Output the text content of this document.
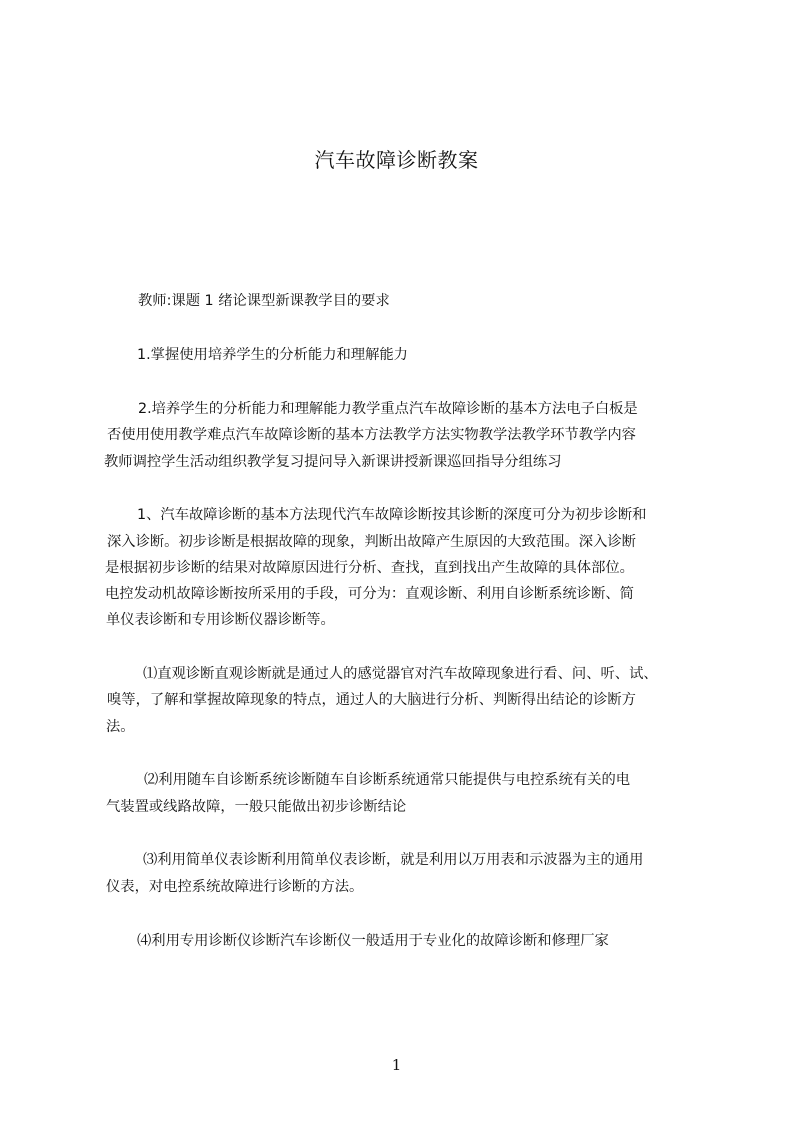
汽车故障诊断教案

教师:课题 1 绪论课型新课教学目的要求

1.掌握使用培养学生的分析能力和理解能力

2.培养学生的分析能力和理解能力教学重点汽车故障诊断的基本方法电子白板是

否使用使用教学难点汽车故障诊断的基本方法教学方法实物教学法教学环节教学内容

教师调控学生活动组织教学复习提问导入新课讲授新课巡回指导分组练习

1、汽车故障诊断的基本方法现代汽车故障诊断按其诊断的深度可分为初步诊断和

深入诊断。初步诊断是根据故障的现象，判断出故障产生原因的大致范围。深入诊断

是根据初步诊断的结果对故障原因进行分析、查找，直到找出产生故障的具体部位。

电控发动机故障诊断按所采用的手段，可分为：直观诊断、利用自诊断系统诊断、简

单仪表诊断和专用诊断仪器诊断等。

⑴直观诊断直观诊断就是通过人的感觉器官对汽车故障现象进行看、问、听、试、

嗅等，了解和掌握故障现象的特点，通过人的大脑进行分析、判断得出结论的诊断方

法。

⑵利用随车自诊断系统诊断随车自诊断系统通常只能提供与电控系统有关的电

气装置或线路故障，一般只能做出初步诊断结论

⑶利用简单仪表诊断利用简单仪表诊断，就是利用以万用表和示波器为主的通用

仪表，对电控系统故障进行诊断的方法。

⑷利用专用诊断仪诊断汽车诊断仪一般适用于专业化的故障诊断和修理厂家

1
